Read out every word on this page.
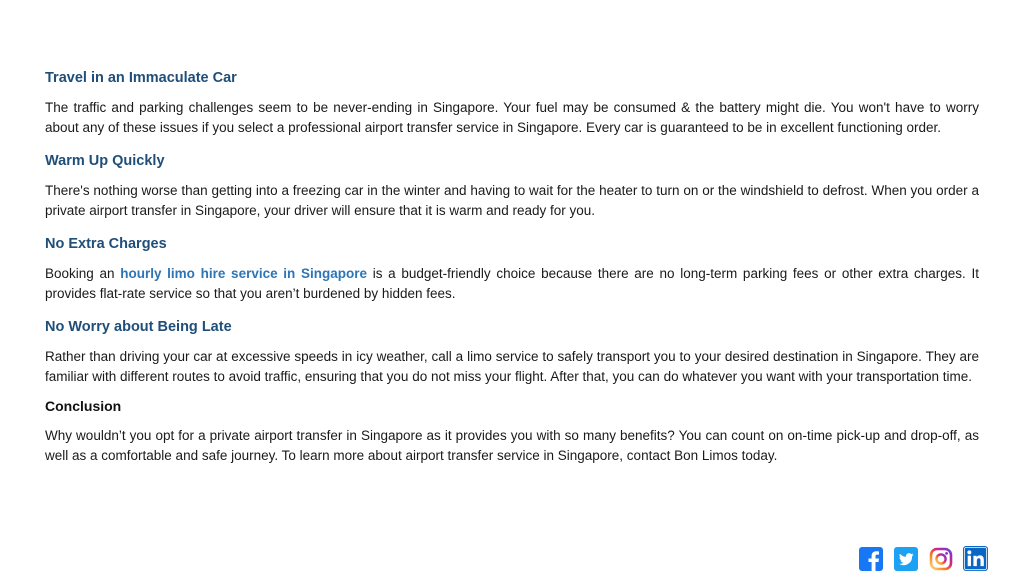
Travel in an Immaculate Car

The traffic and parking challenges seem to be never-ending in Singapore. Your fuel may be consumed & the battery might die. You won't have to worry about any of these issues if you select a professional airport transfer service in Singapore. Every car is guaranteed to be in excellent functioning order.

Warm Up Quickly

There's nothing worse than getting into a freezing car in the winter and having to wait for the heater to turn on or the windshield to defrost. When you order a private airport transfer in Singapore, your driver will ensure that it is warm and ready for you.

No Extra Charges

Booking an hourly limo hire service in Singapore is a budget-friendly choice because there are no long-term parking fees or other extra charges. It provides flat-rate service so that you aren’t burdened by hidden fees.

No Worry about Being Late

Rather than driving your car at excessive speeds in icy weather, call a limo service to safely transport you to your desired destination in Singapore. They are familiar with different routes to avoid traffic, ensuring that you do not miss your flight. After that, you can do whatever you want with your transportation time.

Conclusion

Why wouldn’t you opt for a private airport transfer in Singapore as it provides you with so many benefits? You can count on on-time pick-up and drop-off, as well as a comfortable and safe journey. To learn more about airport transfer service in Singapore, contact Bon Limos today.
